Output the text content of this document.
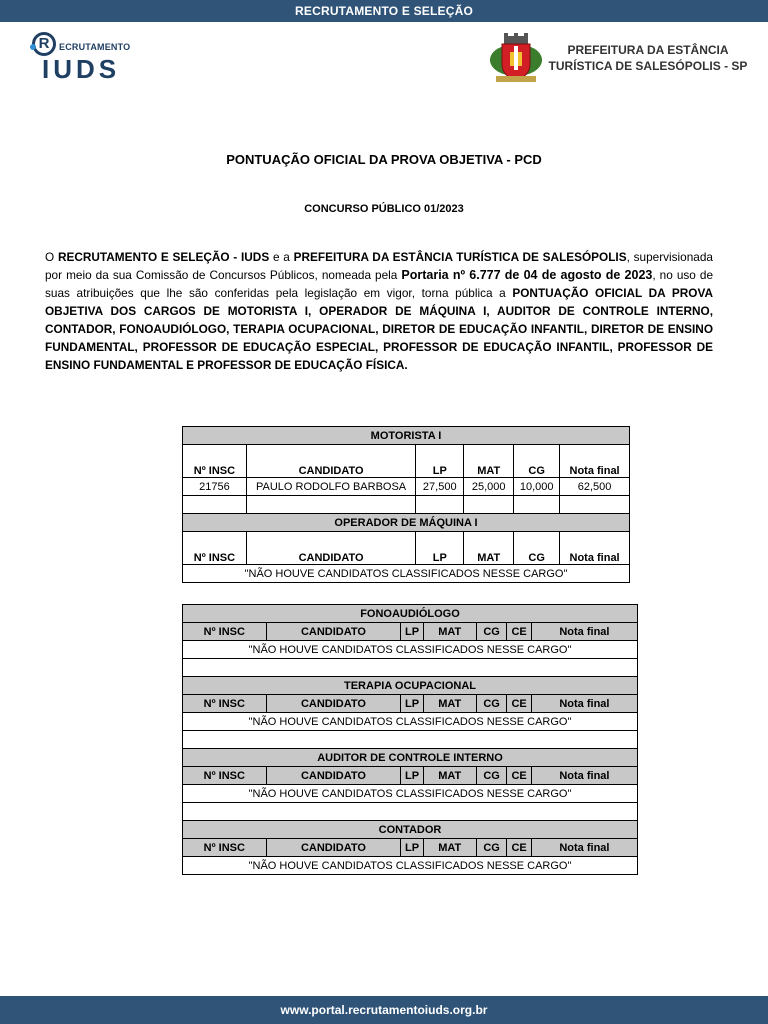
RECRUTAMENTO E SELEÇÃO
R	ECRUTAMENTO
IUDS
PREFEITURA DA ESTÂNCIA
TURÍSTICA DE SALESÓPOLIS - SP
PONTUAÇÃO OFICIAL DA PROVA OBJETIVA - PCD
CONCURSO PÚBLICO 01/2023
O RECRUTAMENTO E SELEÇÃO - IUDS e a PREFEITURA DA ESTÂNCIA TURÍSTICA DE SALESÓPOLIS, supervisionada por meio da sua Comissão de Concursos Públicos, nomeada pela Portaria nº 6.777 de 04 de agosto de 2023, no uso de suas atribuições que lhe são conferidas pela legislação em vigor, torna pública a PONTUAÇÃO OFICIAL DA PROVA OBJETIVA DOS CARGOS DE MOTORISTA I, OPERADOR DE MÁQUINA I, AUDITOR DE CONTROLE INTERNO, CONTADOR, FONOAUDIÓLOGO, TERAPIA OCUPACIONAL, DIRETOR DE EDUCAÇÃO INFANTIL, DIRETOR DE ENSINO FUNDAMENTAL, PROFESSOR DE EDUCAÇÃO ESPECIAL, PROFESSOR DE EDUCAÇÃO INFANTIL, PROFESSOR DE ENSINO FUNDAMENTAL E PROFESSOR DE EDUCAÇÃO FÍSICA.
MOTORISTA I					
Nº INSC	CANDIDATO	LP	MAT	CG	Nota final
21756	PAULO RODOLFO BARBOSA	27,500	25,000	10,000	62,500

OPERADOR DE MÁQUINA I					
Nº INSC	CANDIDATO	LP	MAT	CG	Nota final
"NÃO HOUVE CANDIDATOS CLASSIFICADOS NESSE CARGO"					
FONOAUDIÓLOGO						
Nº INSC	CANDIDATO	LP	MAT	CG	CE	Nota final
"NÃO HOUVE CANDIDATOS CLASSIFICADOS NESSE CARGO"						

TERAPIA OCUPACIONAL						
Nº INSC	CANDIDATO	LP	MAT	CG	CE	Nota final
"NÃO HOUVE CANDIDATOS CLASSIFICADOS NESSE CARGO"						

AUDITOR DE CONTROLE INTERNO						
Nº INSC	CANDIDATO	LP	MAT	CG	CE	Nota final
"NÃO HOUVE CANDIDATOS CLASSIFICADOS NESSE CARGO"						

CONTADOR						
Nº INSC	CANDIDATO	LP	MAT	CG	CE	Nota final
"NÃO HOUVE CANDIDATOS CLASSIFICADOS NESSE CARGO"						
www.portal.recrutamentoiuds.org.br
